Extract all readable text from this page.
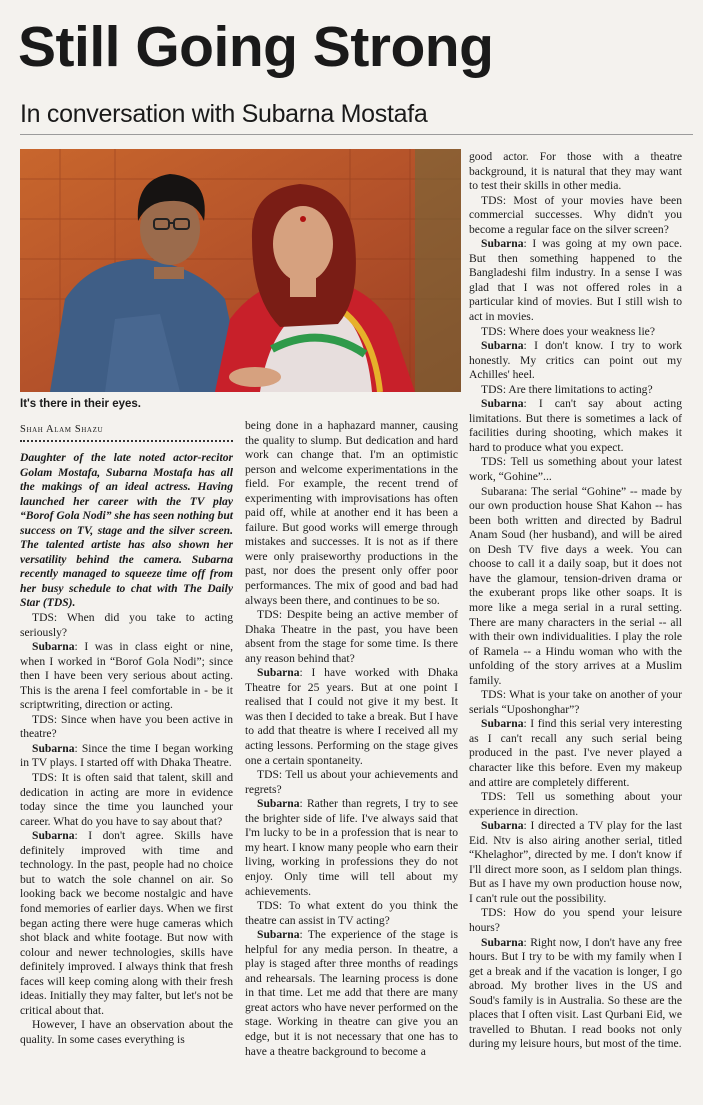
Still Going Strong
In conversation with Subarna Mostafa
It's there in their eyes.
Shah Alam Shazu

Daughter of the late noted actor-recitor Golam Mostafa, Subarna Mostafa has all the makings of an ideal actress. Having launched her career with the TV play “Borof Gola Nodi” she has seen nothing but success on TV, stage and the silver screen. The talented artiste has also shown her versatility behind the camera. Subarna recently managed to squeeze time off from her busy schedule to chat with The Daily Star (TDS).

TDS: When did you take to acting seriously?

Subarna: I was in class eight or nine, when I worked in “Borof Gola Nodi”; since then I have been very serious about acting. This is the arena I feel comfortable in - be it scriptwriting, direction or acting.

TDS: Since when have you been active in theatre?

Subarna: Since the time I began working in TV plays. I started off with Dhaka Theatre.

TDS: It is often said that talent, skill and dedication in acting are more in evidence today since the time you launched your career. What do you have to say about that?

Subarna: I don't agree. Skills have definitely improved with time and technology. In the past, people had no choice but to watch the sole channel on air. So looking back we become nostalgic and have fond memories of earlier days. When we first began acting there were huge cameras which shot black and white footage. But now with colour and newer technologies, skills have definitely improved. I always think that fresh faces will keep coming along with their fresh ideas. Initially they may falter, but let's not be critical about that.

However, I have an observation about the quality. In some cases everything is

being done in a haphazard manner, causing the quality to slump. But dedication and hard work can change that. I'm an optimistic person and welcome experimentations in the field. For example, the recent trend of experimenting with improvisations has often paid off, while at another end it has been a failure. But good works will emerge through mistakes and successes. It is not as if there were only praiseworthy productions in the past, nor does the present only offer poor performances. The mix of good and bad had always been there, and continues to be so.

TDS: Despite being an active member of Dhaka Theatre in the past, you have been absent from the stage for some time. Is there any reason behind that?

Subarna: I have worked with Dhaka Theatre for 25 years. But at one point I realised that I could not give it my best. It was then I decided to take a break. But I have to add that theatre is where I received all my acting lessons. Performing on the stage gives one a certain spontaneity.

TDS: Tell us about your achievements and regrets?

Subarna: Rather than regrets, I try to see the brighter side of life. I've always said that I'm lucky to be in a profession that is near to my heart. I know many people who earn their living, working in professions they do not enjoy. Only time will tell about my achievements.

TDS: To what extent do you think the theatre can assist in TV acting?

Subarna: The experience of the stage is helpful for any media person. In theatre, a play is staged after three months of readings and rehearsals. The learning process is done in that time. Let me add that there are many great actors who have never performed on the stage. Working in theatre can give you an edge, but it is not necessary that one has to have a theatre background to become a

good actor. For those with a theatre background, it is natural that they may want to test their skills in other media.

TDS: Most of your movies have been commercial successes. Why didn't you become a regular face on the silver screen?

Subarna: I was going at my own pace. But then something happened to the Bangladeshi film industry. In a sense I was glad that I was not offered roles in a particular kind of movies. But I still wish to act in movies.

TDS: Where does your weakness lie?

Subarna: I don't know. I try to work honestly. My critics can point out my Achilles' heel.

TDS: Are there limitations to acting?

Subarna: I can't say about acting limitations. But there is sometimes a lack of facilities during shooting, which makes it hard to produce what you expect.

TDS: Tell us something about your latest work, “Gohine”...

Subarana: The serial “Gohine” -- made by our own production house Shat Kahon -- has been both written and directed by Badrul Anam Soud (her husband), and will be aired on Desh TV five days a week. You can choose to call it a daily soap, but it does not have the glamour, tension-driven drama or the exuberant props like other soaps. It is more like a mega serial in a rural setting. There are many characters in the serial -- all with their own individualities. I play the role of Ramela -- a Hindu woman who with the unfolding of the story arrives at a Muslim family.

TDS: What is your take on another of your serials “Uposhonghar”?

Subarna: I find this serial very interesting as I can't recall any such serial being produced in the past. I've never played a character like this before. Even my makeup and attire are completely different.

TDS: Tell us something about your experience in direction.

Subarna: I directed a TV play for the last Eid. Ntv is also airing another serial, titled “Khelaghor”, directed by me. I don't know if I'll direct more soon, as I seldom plan things. But as I have my own production house now, I can't rule out the possibility.

TDS: How do you spend your leisure hours?

Subarna: Right now, I don't have any free hours. But I try to be with my family when I get a break and if the vacation is longer, I go abroad. My brother lives in the US and Soud's family is in Australia. So these are the places that I often visit. Last Qurbani Eid, we travelled to Bhutan. I read books not only during my leisure hours, but most of the time.
